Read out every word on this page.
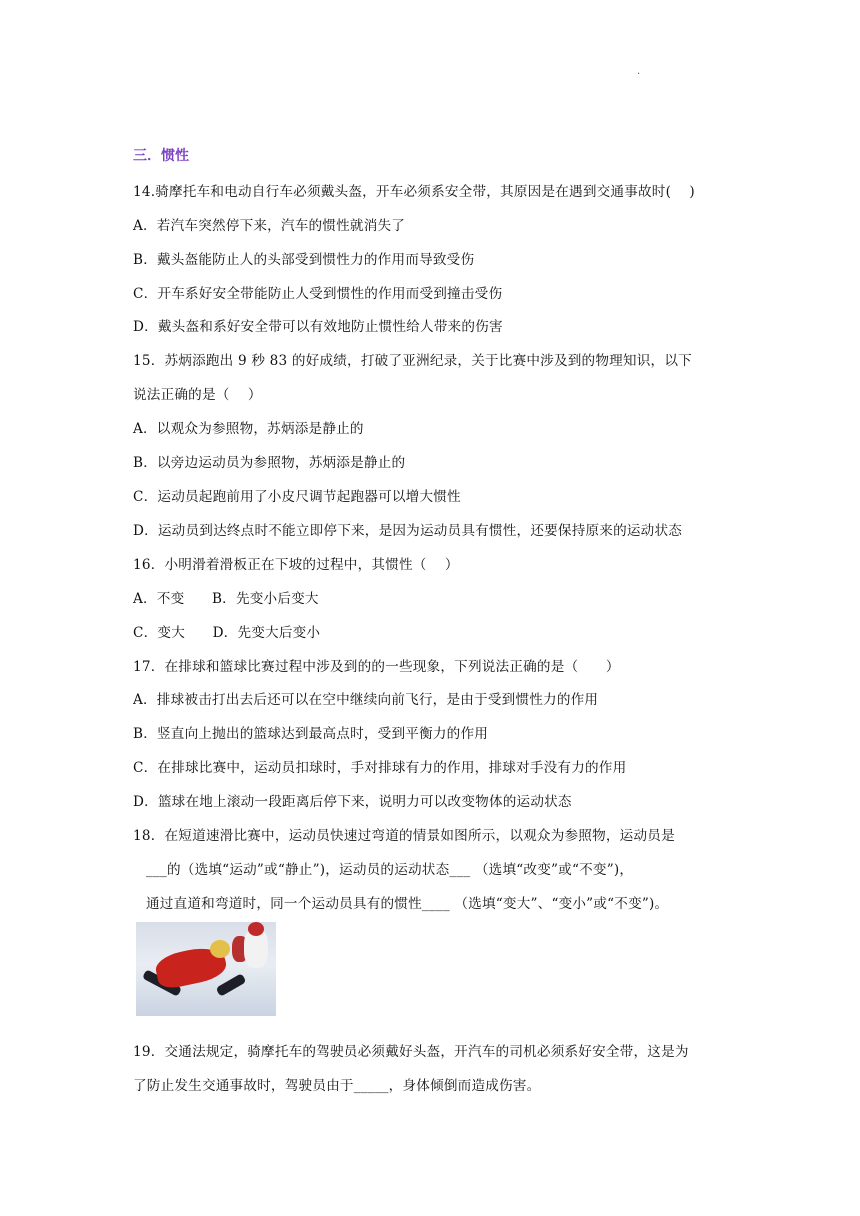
.
三．惯性
14.骑摩托车和电动自行车必须戴头盔，开车必须系安全带，其原因是在遇到交通事故时(　 )
A．若汽车突然停下来，汽车的惯性就消失了
B．戴头盔能防止人的头部受到惯性力的作用而导致受伤
C．开车系好安全带能防止人受到惯性的作用而受到撞击受伤
D．戴头盔和系好安全带可以有效地防止惯性给人带来的伤害
15．苏炳添跑出 9 秒 83 的好成绩，打破了亚洲纪录，关于比赛中涉及到的物理知识，以下
说法正确的是（　 ）
A．以观众为参照物，苏炳添是静止的
B．以旁边运动员为参照物，苏炳添是静止的
C．运动员起跑前用了小皮尺调节起跑器可以增大惯性
D．运动员到达终点时不能立即停下来，是因为运动员具有惯性，还要保持原来的运动状态
16．小明滑着滑板正在下坡的过程中，其惯性（　 ）
A．不变　　B．先变小后变大
C．变大　　D．先变大后变小
17．在排球和篮球比赛过程中涉及到的的一些现象，下列说法正确的是（　　）
A．排球被击打出去后还可以在空中继续向前飞行，是由于受到惯性力的作用
B．竖直向上抛出的篮球达到最高点时，受到平衡力的作用
C．在排球比赛中，运动员扣球时，手对排球有力的作用，排球对手没有力的作用
D．篮球在地上滚动一段距离后停下来，说明力可以改变物体的运动状态
18．在短道速滑比赛中，运动员快速过弯道的情景如图所示，以观众为参照物，运动员是
___的（选填“运动”或“静止”)，运动员的运动状态___ （选填“改变”或“不变”)，
通过直道和弯道时，同一个运动员具有的惯性____ （选填“变大”、“变小”或“不变”)。
19．交通法规定，骑摩托车的驾驶员必须戴好头盔，开汽车的司机必须系好安全带，这是为
了防止发生交通事故时，驾驶员由于_____，身体倾倒而造成伤害。
